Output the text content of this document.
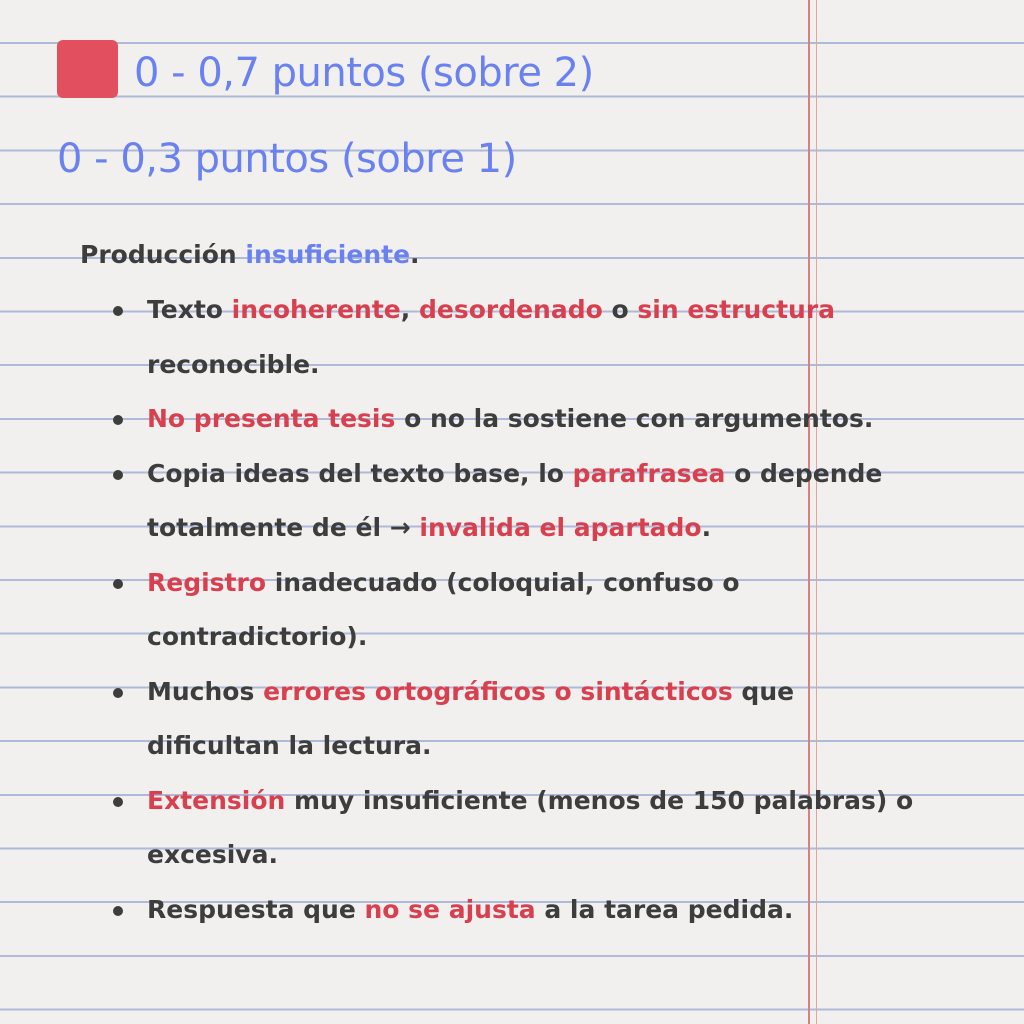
0 - 0,7 puntos (sobre 2)
0 - 0,3 puntos (sobre 1)

Producción insuficiente.

Texto incoherente, desordenado o sin estructura reconocible.
No presenta tesis o no la sostiene con argumentos.
Copia ideas del texto base, lo parafrasea o depende totalmente de él → invalida el apartado.
Registro inadecuado (coloquial, confuso o contradictorio).
Muchos errores ortográficos o sintácticos que dificultan la lectura.
Extensión muy insuficiente (menos de 150 palabras) o excesiva.
Respuesta que no se ajusta a la tarea pedida.
